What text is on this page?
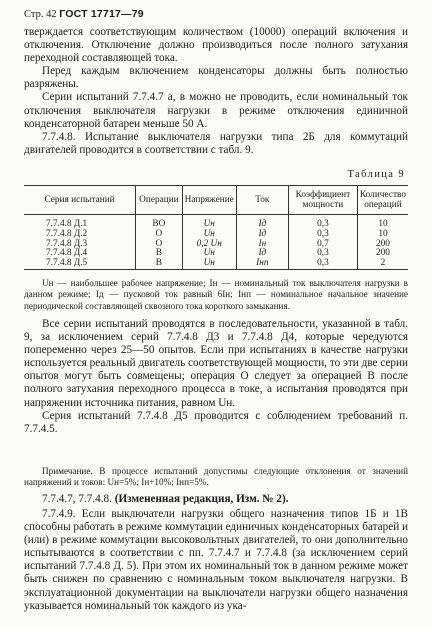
Стр. 42 ГОСТ 17717—79

тверждается соответствующим количеством (10000) операций включения и отключения. Отключение должно производиться после полного затухания переходной составляющей тока.

Перед каждым включением конденсаторы должны быть полностью разряжены.

Серии испытаний 7.7.4.7 а, в можно не проводить, если номинальный ток отключения выключателя нагрузки в режиме отключения единичной конденсаторной батареи меньше 50 А.

7.7.4.8. Испытание выключателя нагрузки типа 2Б для коммутаций двигателей проводится в соответствии с табл. 9.

Таблица 9
Серия испытаний	Операции	Напряжение	Ток	Коэффициент мощности	Количество операций

7.7.4.8 Д.1	ВО	Uн	Iд	0,3	10
7.7.4.8 Д.2	О	Uн	Iд	0,3	10
7.7.4.8 Д.3	О	0,2 Uн	Iн	0,7	200
7.7.4.8 Д.4	В	Uн	Iд	0,3	200
7.7.4.8 Д.5	В	Uн	Iнп	0,3	2

Uн — наибольшее рабочее напряжение; Iн — номинальный ток выключателя нагрузки в данном режиме; Iд — пусковой ток равный 6Iн; Iнп — номинальное начальное значение периодической составляющей сквозного тока короткого замыкания.

Все серии испытаний проводятся в последовательности, указанной в табл. 9, за исключением серий 7.7.4.8 Д3 и 7.7.4.8 Д4, которые чередуются попеременно через 25—50 опытов. Если при испытаниях в качестве нагрузки используется реальный двигатель соответствующей мощности, то эти две серии опытов могут быть совмещены; операция О следует за операцией В после полного затухания переходного процесса в токе, а испытания проводятся при напряжении источника питания, равном Uн.

Серия испытаний 7.7.4.8 Д5 проводится с соблюдением требований п. 7.7.4.5.

Примечание. В процессе испытаний допустимы следующие отклонения от значений напряжений и токов: Uн=5%; Iн+10%; Iнп=5%.

7.7.4.7, 7.7.4.8. (Измененная редакция, Изм. № 2).

7.7.4.9. Если выключатели нагрузки общего назначения типов 1Б и 1В способны работать в режиме коммутации единичных конденсаторных батарей и (или) в режиме коммутации высоковольтных двигателей, то они дополнительно испытываются в соответствии с пп. 7.7.4.7 и 7.7.4.8 (за исключением серий испытаний 7.7.4.8 Д. 5). При этом их номинальный ток в данном режиме может быть снижен по сравнению с номинальным током выключателя нагрузки. В эксплуатационной документации на выключатели нагрузки общего назначения указывается номинальный ток каждого из ука-
